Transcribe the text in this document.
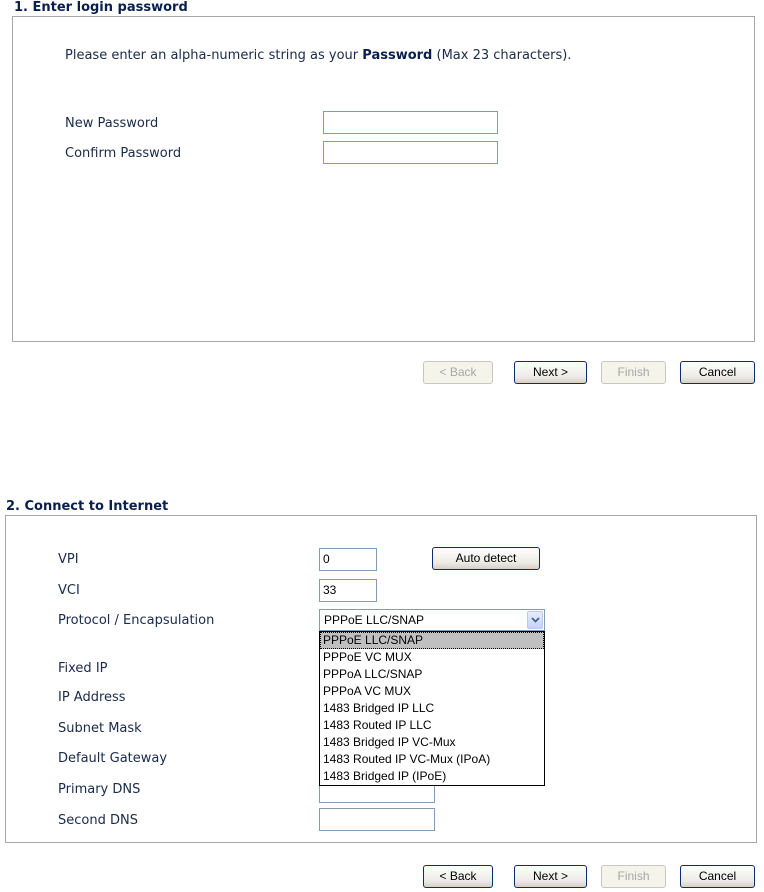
1. Enter login password
Please enter an alpha-numeric string as your Password (Max 23 characters).
New Password
Confirm Password
< Back	Next >	Finish	Cancel
2. Connect to Internet
VPI	0	Auto detect
VCI	33
Protocol / Encapsulation	PPPoE LLC/SNAP
Fixed IP
IP Address
Subnet Mask
Default Gateway
Primary DNS
Second DNS
PPPoE LLC/SNAP
PPPoE VC MUX
PPPoA LLC/SNAP
PPPoA VC MUX
1483 Bridged IP LLC
1483 Routed IP LLC
1483 Bridged IP VC-Mux
1483 Routed IP VC-Mux (IPoA)
1483 Bridged IP (IPoE)
< Back	Next >	Finish	Cancel
